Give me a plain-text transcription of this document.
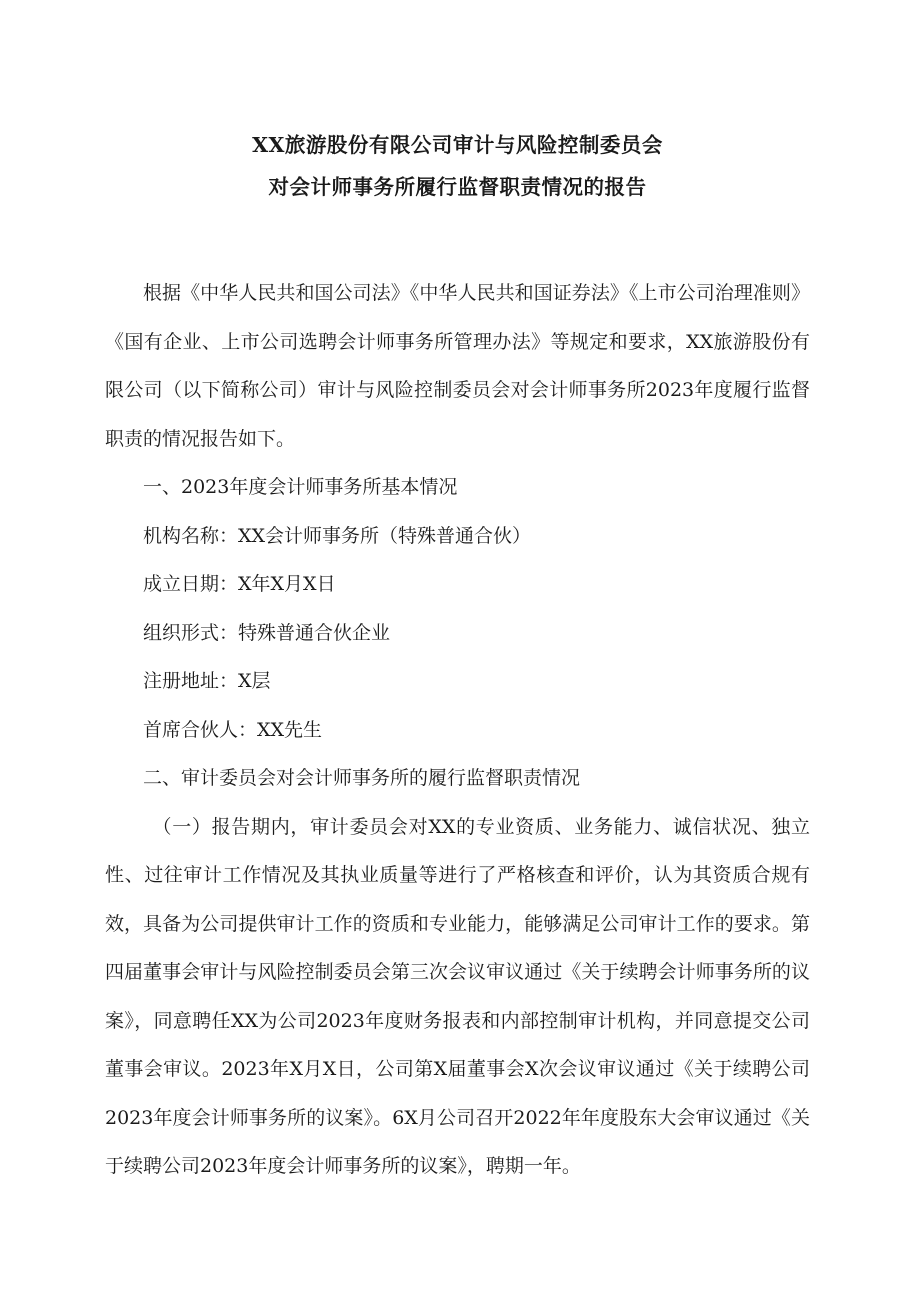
XX旅游股份有限公司审计与风险控制委员会
对会计师事务所履行监督职责情况的报告

根据《中华人民共和国公司法》《中华人民共和国证券法》《上市公司治理准则》《国有企业、上市公司选聘会计师事务所管理办法》等规定和要求，XX旅游股份有限公司（以下简称公司）审计与风险控制委员会对会计师事务所2023年度履行监督职责的情况报告如下。

一、2023年度会计师事务所基本情况

机构名称：XX会计师事务所（特殊普通合伙）

成立日期：X年X月X日

组织形式：特殊普通合伙企业

注册地址：X层

首席合伙人：XX先生

二、审计委员会对会计师事务所的履行监督职责情况

（一）报告期内，审计委员会对XX的专业资质、业务能力、诚信状况、独立性、过往审计工作情况及其执业质量等进行了严格核查和评价，认为其资质合规有效，具备为公司提供审计工作的资质和专业能力，能够满足公司审计工作的要求。第四届董事会审计与风险控制委员会第三次会议审议通过《关于续聘会计师事务所的议案》，同意聘任XX为公司2023年度财务报表和内部控制审计机构，并同意提交公司董事会审议。2023年X月X日，公司第X届董事会X次会议审议通过《关于续聘公司2023年度会计师事务所的议案》。6X月公司召开2022年年度股东大会审议通过《关于续聘公司2023年度会计师事务所的议案》，聘期一年。
